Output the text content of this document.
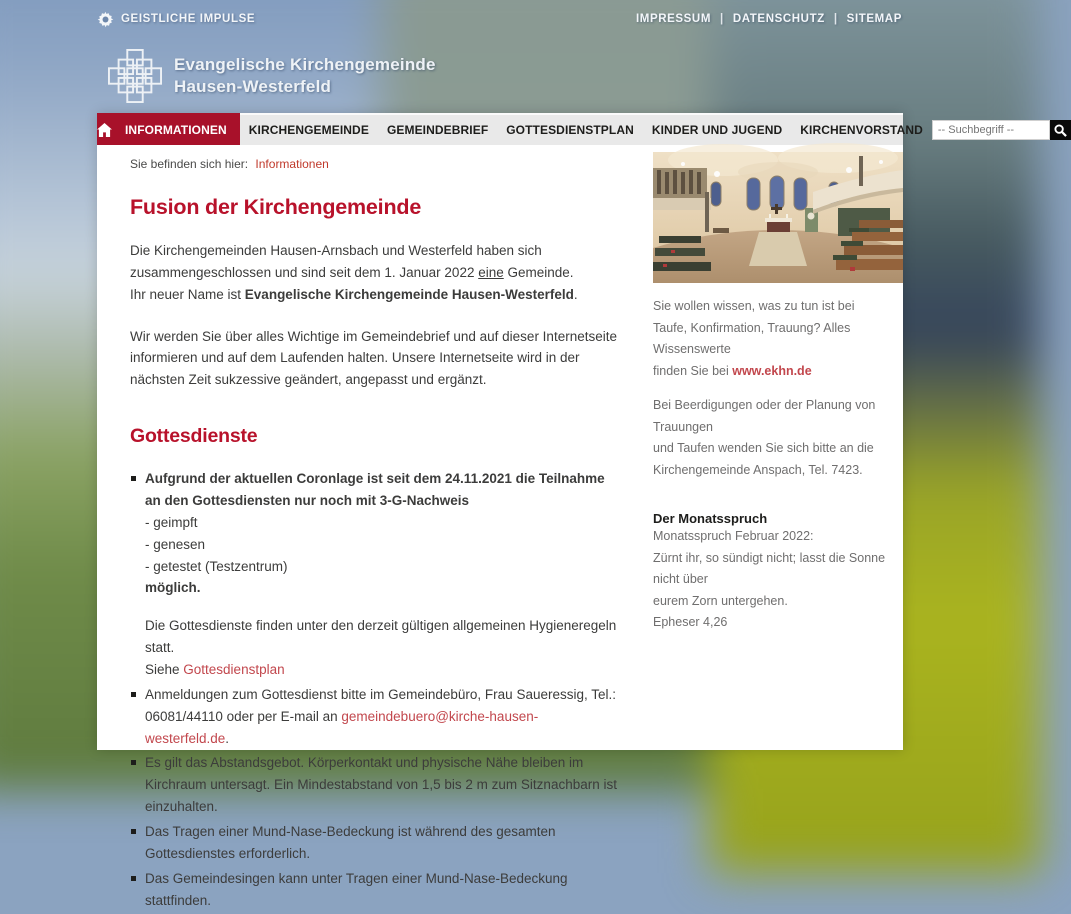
GEISTLICHE IMPULSE	IMPRESSUM | DATENSCHUTZ | SITEMAP
Evangelische Kirchengemeinde
Hausen-Westerfeld
INFORMATIONEN	KIRCHENGEMEINDE	GEMEINDEBRIEF	GOTTESDIENSTPLAN	KINDER UND JUGEND	KIRCHENVORSTAND
-- Suchbegriff --
Sie befinden sich hier: Informationen
Fusion der Kirchengemeinde
Die Kirchengemeinden Hausen-Arnsbach und Westerfeld haben sich zusammengeschlossen und sind seit dem 1. Januar 2022 eine Gemeinde.
Ihr neuer Name ist Evangelische Kirchengemeinde Hausen-Westerfeld.
Wir werden Sie über alles Wichtige im Gemeindebrief und auf dieser Internetseite informieren und auf dem Laufenden halten. Unsere Internetseite wird in der nächsten Zeit sukzessive geändert, angepasst und ergänzt.
Gottesdienste
Aufgrund der aktuellen Coronlage ist seit dem 24.11.2021 die Teilnahme an den Gottesdiensten nur noch mit 3-G-Nachweis
- geimpft
- genesen
- getestet (Testzentrum)
möglich.
Die Gottesdienste finden unter den derzeit gültigen allgemeinen Hygieneregeln statt.
Siehe Gottesdienstplan
Anmeldungen zum Gottesdienst bitte im Gemeindebüro, Frau Saueressig, Tel.: 06081/44110 oder per E-mail an gemeindebuero@kirche-hausen-westerfeld.de.
Es gilt das Abstandsgebot. Körperkontakt und physische Nähe bleiben im Kirchraum untersagt. Ein Mindestabstand von 1,5 bis 2 m zum Sitznachbarn ist einzuhalten.
Das Tragen einer Mund-Nase-Bedeckung ist während des gesamten Gottesdienstes erforderlich.
Das Gemeindesingen kann unter Tragen einer Mund-Nase-Bedeckung stattfinden.
Sie wollen wissen, was zu tun ist bei
Taufe, Konfirmation, Trauung? Alles Wissenswerte
finden Sie bei www.ekhn.de
Bei Beerdigungen oder der Planung von Trauungen
und Taufen wenden Sie sich bitte an die
Kirchengemeinde Anspach, Tel. 7423.
Der Monatsspruch
Monatsspruch Februar 2022:
Zürnt ihr, so sündigt nicht; lasst die Sonne nicht über
eurem Zorn untergehen.
Epheser 4,26
